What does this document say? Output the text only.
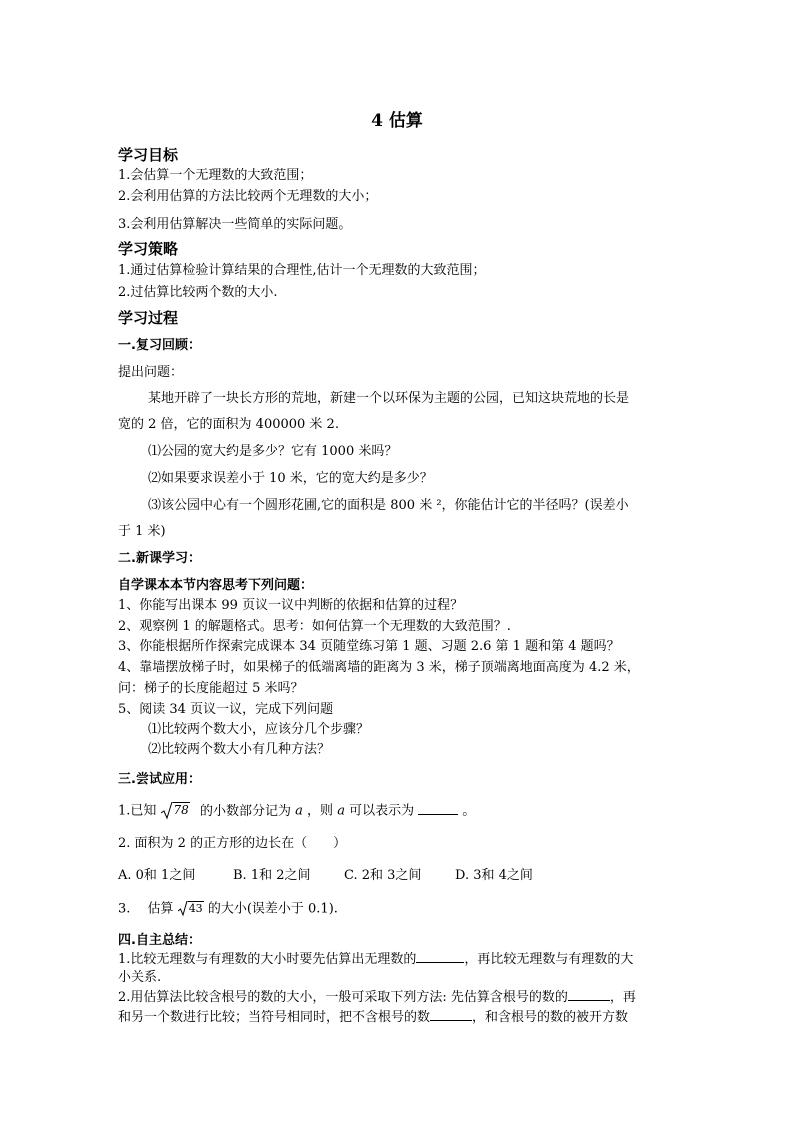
4 估算
学习目标
1.会估算一个无理数的大致范围；
2.会利用估算的方法比较两个无理数的大小；
3.会利用估算解决一些简单的实际问题。
学习策略
1.通过估算检验计算结果的合理性,估计一个无理数的大致范围；
2.过估算比较两个数的大小.
学习过程
一.复习回顾：
提出问题：
某地开辟了一块长方形的荒地，新建一个以环保为主题的公园，已知这块荒地的长是
宽的 2 倍，它的面积为 400000 米 2.
⑴公园的宽大约是多少？它有 1000 米吗？
⑵如果要求误差小于 10 米，它的宽大约是多少？
⑶该公园中心有一个圆形花圃,它的面积是 800 米 ²，你能估计它的半径吗？(误差小
于 1 米)
二.新课学习：
自学课本本节内容思考下列问题：
1、你能写出课本 99 页议一议中判断的依据和估算的过程？
2、观察例 1 的解题格式。思考：如何估算一个无理数的大致范围？.
3、你能根据所作探索完成课本 34 页随堂练习第 1 题、习题 2.6 第 1 题和第 4 题吗？
4、靠墙摆放梯子时，如果梯子的低端离墙的距离为 3 米，梯子顶端离地面高度为 4.2 米，
问：梯子的长度能超过 5 米吗？
5、阅读 34 页议一议，完成下列问题
⑴比较两个数大小，应该分几个步骤？
⑵比较两个数大小有几种方法？
三.尝试应用：
1.已知 78 的小数部分记为 a ，则 a 可以表示为	。
2. 面积为 2 的正方形的边长在（　　）
A. 0和 1之间	B. 1和 2之间	C. 2和 3之间	D. 3和 4之间
3.　 估算 43 的大小(误差小于 0.1).
四.自主总结：
1.比较无理数与有理数的大小时要先估算出无理数的	，再比较无理数与有理数的大
小关系.
2.用估算法比较含根号的数的大小，一般可采取下列方法: 先估算含根号的数的	，再
和另一个数进行比较；当符号相同时，把不含根号的数	，和含根号的数的被开方数
